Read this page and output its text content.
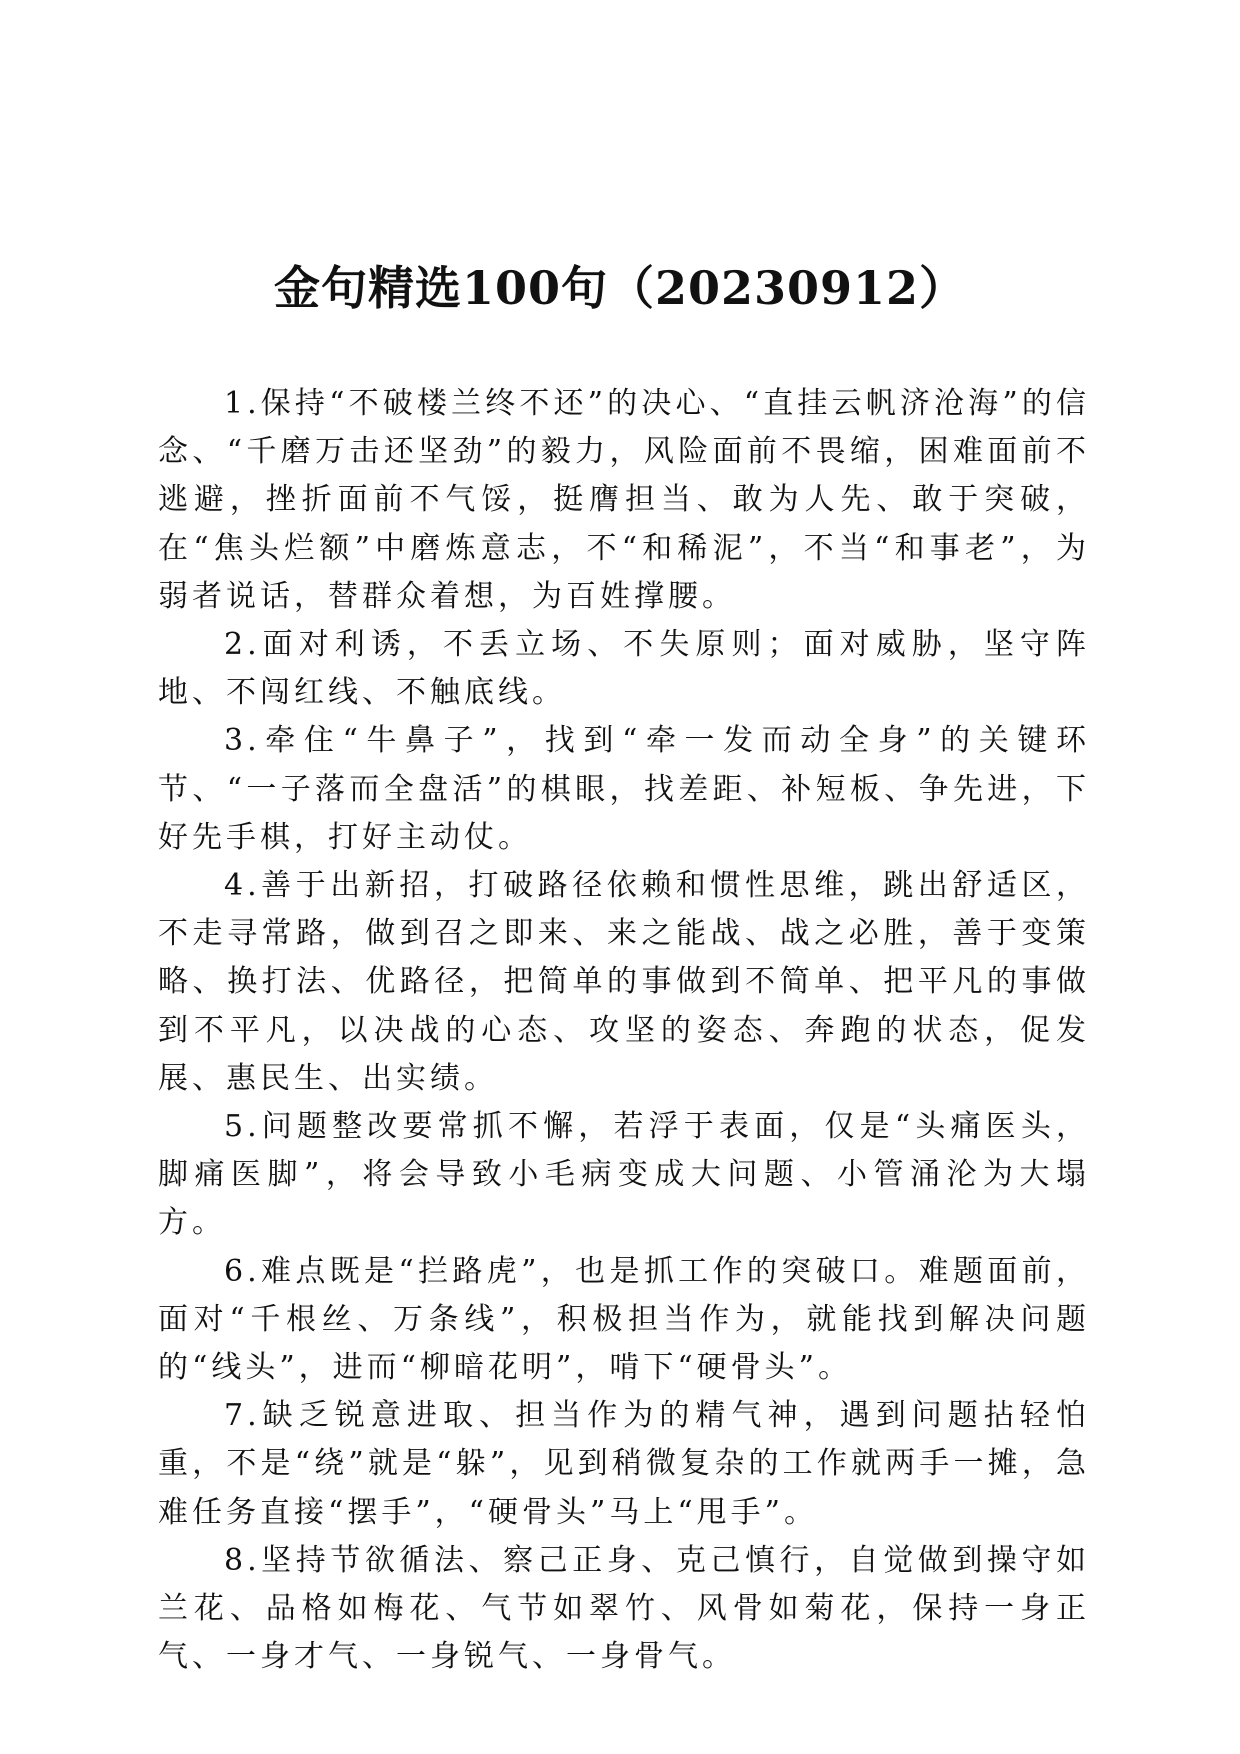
金句精选100句（20230912）

1.保持“不破楼兰终不还”的决心、“直挂云帆济沧海”的信念、“千磨万击还坚劲”的毅力，风险面前不畏缩，困难面前不逃避，挫折面前不气馁，挺膺担当、敢为人先、敢于突破，在“焦头烂额”中磨炼意志，不“和稀泥”，不当“和事老”，为弱者说话，替群众着想，为百姓撑腰。

2.面对利诱，不丢立场、不失原则；面对威胁，坚守阵地、不闯红线、不触底线。

3.牵住“牛鼻子”，找到“牵一发而动全身”的关键环节、“一子落而全盘活”的棋眼，找差距、补短板、争先进，下好先手棋，打好主动仗。

4.善于出新招，打破路径依赖和惯性思维，跳出舒适区，不走寻常路，做到召之即来、来之能战、战之必胜，善于变策略、换打法、优路径，把简单的事做到不简单、把平凡的事做到不平凡，以决战的心态、攻坚的姿态、奔跑的状态，促发展、惠民生、出实绩。

5.问题整改要常抓不懈，若浮于表面，仅是“头痛医头，脚痛医脚”，将会导致小毛病变成大问题、小管涌沦为大塌方。

6.难点既是“拦路虎”，也是抓工作的突破口。难题面前，面对“千根丝、万条线”，积极担当作为，就能找到解决问题的“线头”，进而“柳暗花明”，啃下“硬骨头”。

7.缺乏锐意进取、担当作为的精气神，遇到问题拈轻怕重，不是“绕”就是“躲”，见到稍微复杂的工作就两手一摊，急难任务直接“摆手”，“硬骨头”马上“甩手”。

8.坚持节欲循法、察己正身、克己慎行，自觉做到操守如兰花、品格如梅花、气节如翠竹、风骨如菊花，保持一身正气、一身才气、一身锐气、一身骨气。
